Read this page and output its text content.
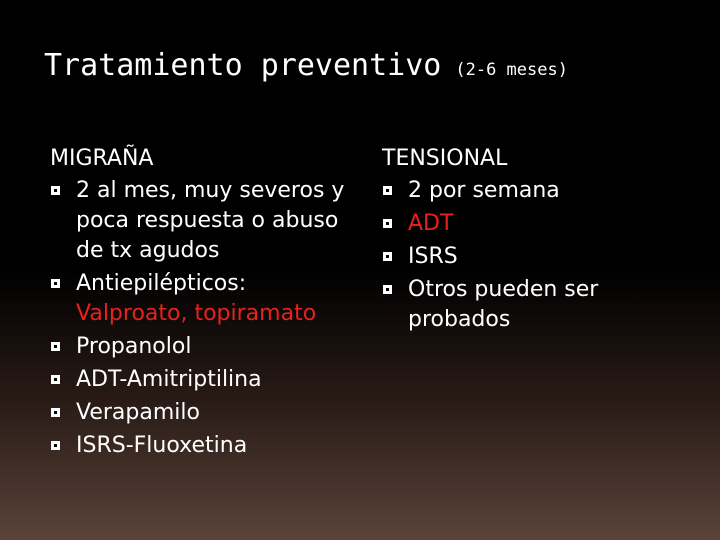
Tratamiento preventivo (2-6 meses)
MIGRAÑA
2 al mes, muy severos y poca respuesta o abuso de tx agudos
Antiepilépticos:
Valproato, topiramato
Propanolol
ADT-Amitriptilina
Verapamilo
ISRS-Fluoxetina
TENSIONAL
2 por semana
ADT
ISRS
Otros pueden ser probados
